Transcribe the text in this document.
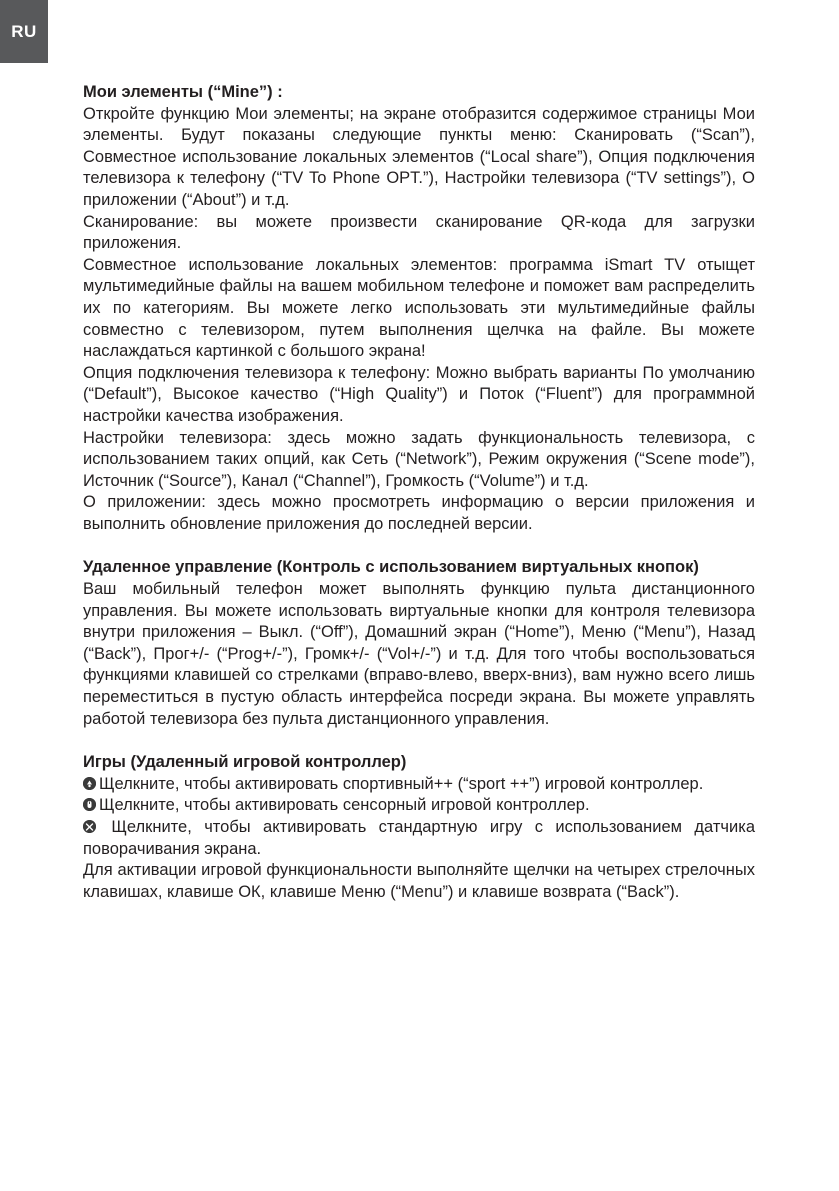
RU
Мои элементы (“Mine”) :

Откройте функцию Мои элементы; на экране отобразится содержимое страницы Мои элементы. Будут показаны следующие пункты меню: Сканировать (“Scan”), Совместное использование локальных элементов (“Local share”), Опция подключения телевизора к телефону (“TV To Phone OPT.”), Настройки телевизора (“TV settings”), О приложении (“About”) и т.д.

Сканирование: вы можете произвести сканирование QR-кода для загрузки приложения.

Совместное использование локальных элементов: программа iSmart TV отыщет мультимедийные файлы на вашем мобильном телефоне и поможет вам распределить их по категориям. Вы можете легко использовать эти мультимедийные файлы совместно с телевизором, путем выполнения щелчка на файле. Вы можете наслаждаться картинкой с большого экрана!

Опция подключения телевизора к телефону: Можно выбрать варианты По умолчанию (“Default”), Высокое качество (“High Quality”) и Поток (“Fluent”) для программной настройки качества изображения.

Настройки телевизора: здесь можно задать функциональность телевизора, с использованием таких опций, как Сеть (“Network”), Режим окружения (“Scene mode”), Источник (“Source”), Канал (“Channel”), Громкость (“Volume”) и т.д.

О приложении: здесь можно просмотреть информацию о версии приложения и выполнить обновление приложения до последней версии.

Удаленное управление (Контроль с использованием виртуальных кнопок)

Ваш мобильный телефон может выполнять функцию пульта дистанционного управления. Вы можете использовать виртуальные кнопки для контроля телевизора внутри приложения – Выкл. (“Off”), Домашний экран (“Home”), Меню (“Menu”), Назад (“Back”), Прог+/- (“Prog+/-”), Громк+/- (“Vol+/-”) и т.д. Для того чтобы воспользоваться функциями клавишей со стрелками (вправо-влево, вверх-вниз), вам нужно всего лишь переместиться в пустую область интерфейса посреди экрана. Вы можете управлять работой телевизора без пульта дистанционного управления.

Игры (Удаленный игровой контроллер)

Щелкните, чтобы активировать спортивный++ (“sport ++”) игровой контроллер.

Щелкните, чтобы активировать сенсорный игровой контроллер.

Щелкните, чтобы активировать стандартную игру с использованием датчика поворачивания экрана.

Для активации игровой функциональности выполняйте щелчки на четырех стрелочных клавишах, клавише ОК, клавише Меню (“Menu”) и клавише возврата (“Back”).
